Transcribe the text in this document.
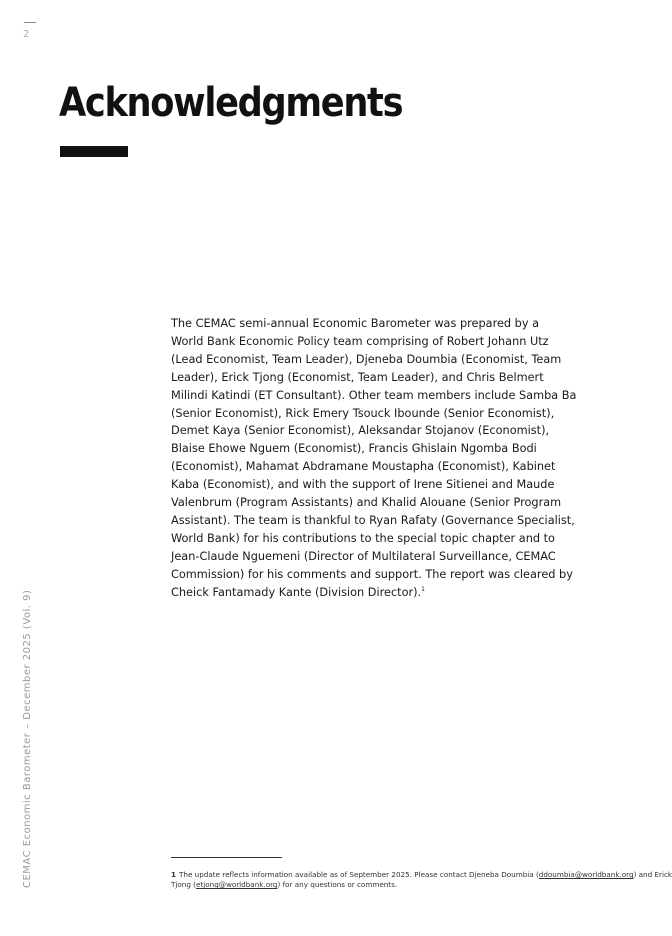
2
CEMAC Economic Barometer – December 2025 (Vol. 9)
Acknowledgments

The CEMAC semi-annual Economic Barometer was prepared by a
World Bank Economic Policy team comprising of Robert Johann Utz
(Lead Economist, Team Leader), Djeneba Doumbia (Economist, Team
Leader), Erick Tjong (Economist, Team Leader), and Chris Belmert
Milindi Katindi (ET Consultant). Other team members include Samba Ba
(Senior Economist), Rick Emery Tsouck Ibounde (Senior Economist),
Demet Kaya (Senior Economist), Aleksandar Stojanov (Economist),
Blaise Ehowe Nguem (Economist), Francis Ghislain Ngomba Bodi
(Economist), Mahamat Abdramane Moustapha (Economist), Kabinet
Kaba (Economist), and with the support of Irene Sitienei and Maude
Valenbrum (Program Assistants) and Khalid Alouane (Senior Program
Assistant). The team is thankful to Ryan Rafaty (Governance Specialist,
World Bank) for his contributions to the special topic chapter and to
Jean-Claude Nguemeni (Director of Multilateral Surveillance, CEMAC
Commission) for his comments and support. The report was cleared by
Cheick Fantamady Kante (Division Director).$^1$

1 The update reflects information available as of September 2025. Please contact Djeneba Doumbia (ddoumbia@worldbank.org) and Erick
Tjong (etjong@worldbank.org) for any questions or comments.
